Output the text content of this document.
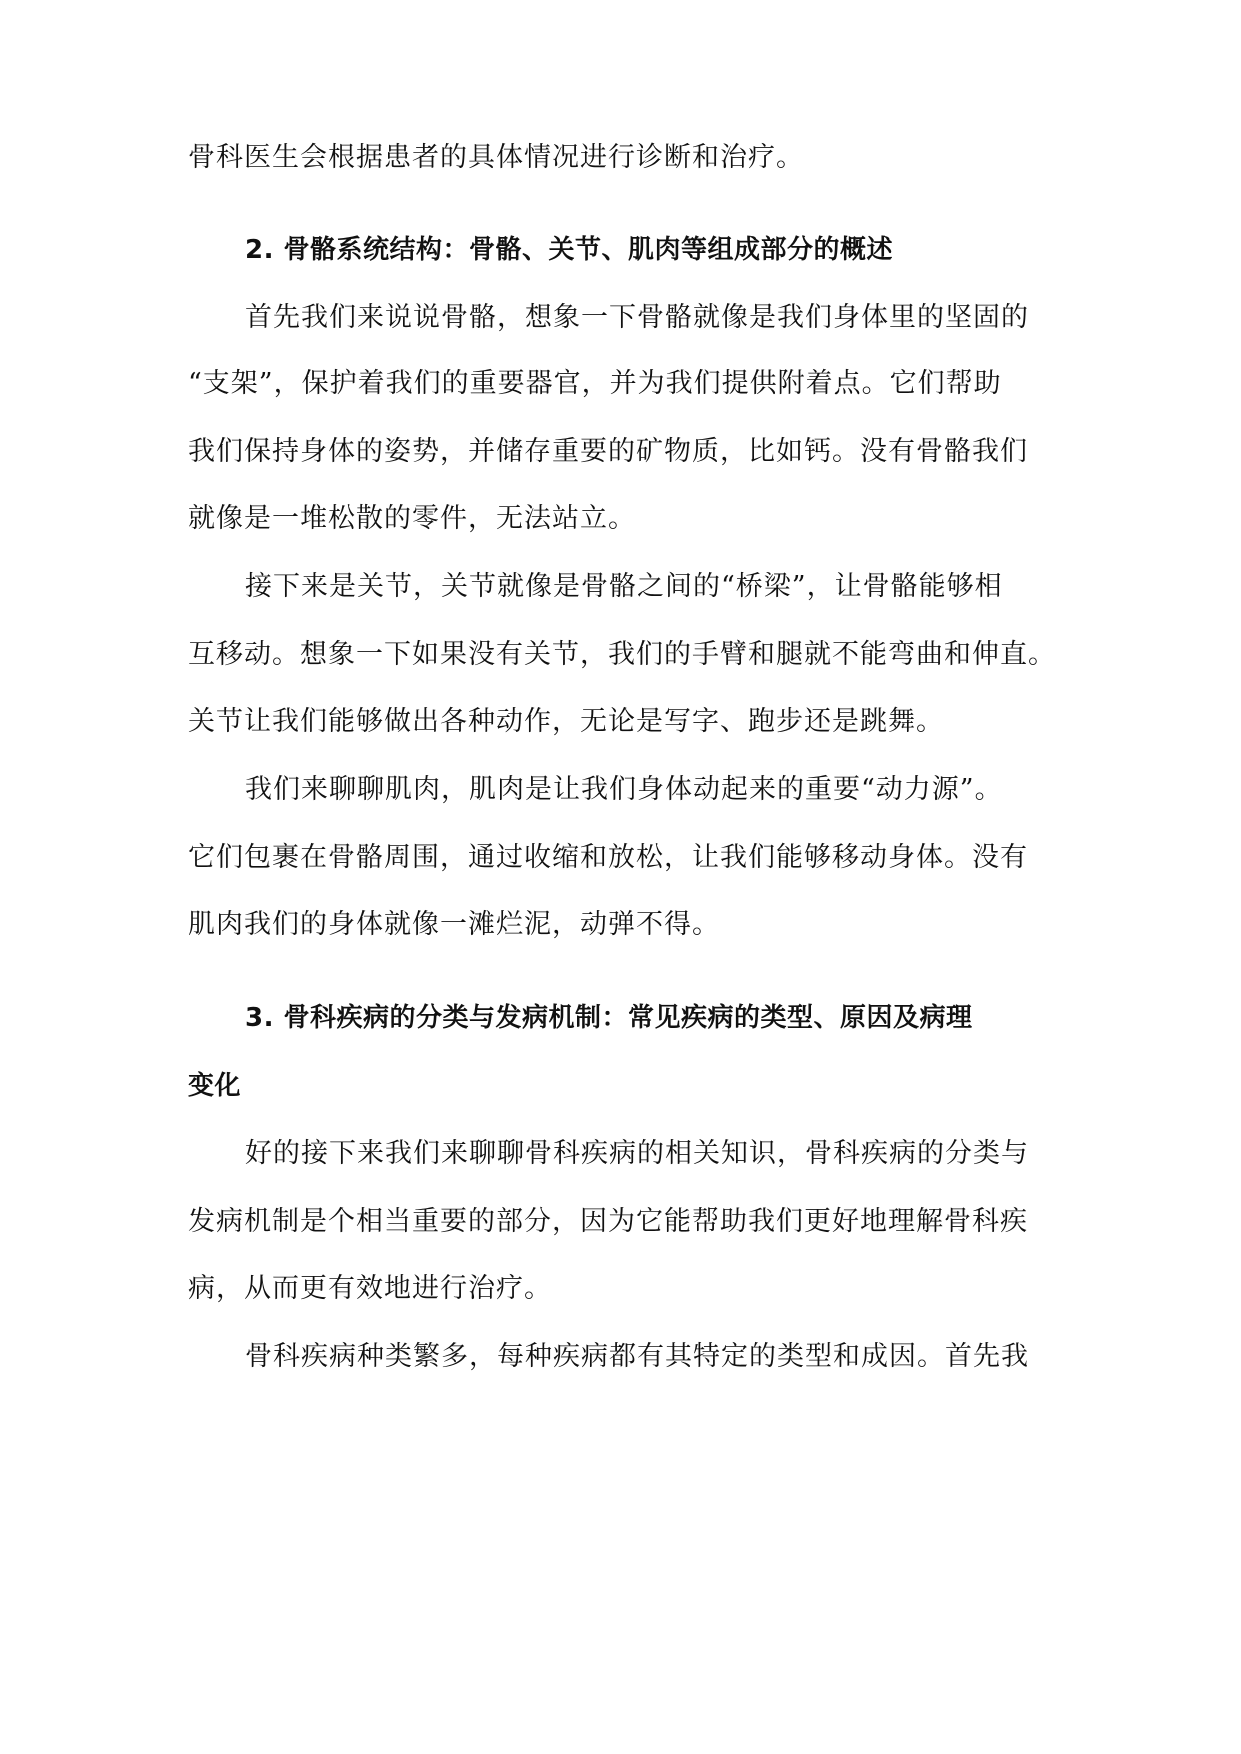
骨科医生会根据患者的具体情况进行诊断和治疗。
2. 骨骼系统结构：骨骼、关节、肌肉等组成部分的概述
首先我们来说说骨骼，想象一下骨骼就像是我们身体里的坚固的
“支架”，保护着我们的重要器官，并为我们提供附着点。它们帮助
我们保持身体的姿势，并储存重要的矿物质，比如钙。没有骨骼我们
就像是一堆松散的零件，无法站立。
接下来是关节，关节就像是骨骼之间的“桥梁”，让骨骼能够相
互移动。想象一下如果没有关节，我们的手臂和腿就不能弯曲和伸直。
关节让我们能够做出各种动作，无论是写字、跑步还是跳舞。
我们来聊聊肌肉，肌肉是让我们身体动起来的重要“动力源”。
它们包裹在骨骼周围，通过收缩和放松，让我们能够移动身体。没有
肌肉我们的身体就像一滩烂泥，动弹不得。
3. 骨科疾病的分类与发病机制：常见疾病的类型、原因及病理
变化
好的接下来我们来聊聊骨科疾病的相关知识，骨科疾病的分类与
发病机制是个相当重要的部分，因为它能帮助我们更好地理解骨科疾
病，从而更有效地进行治疗。
骨科疾病种类繁多，每种疾病都有其特定的类型和成因。首先我
